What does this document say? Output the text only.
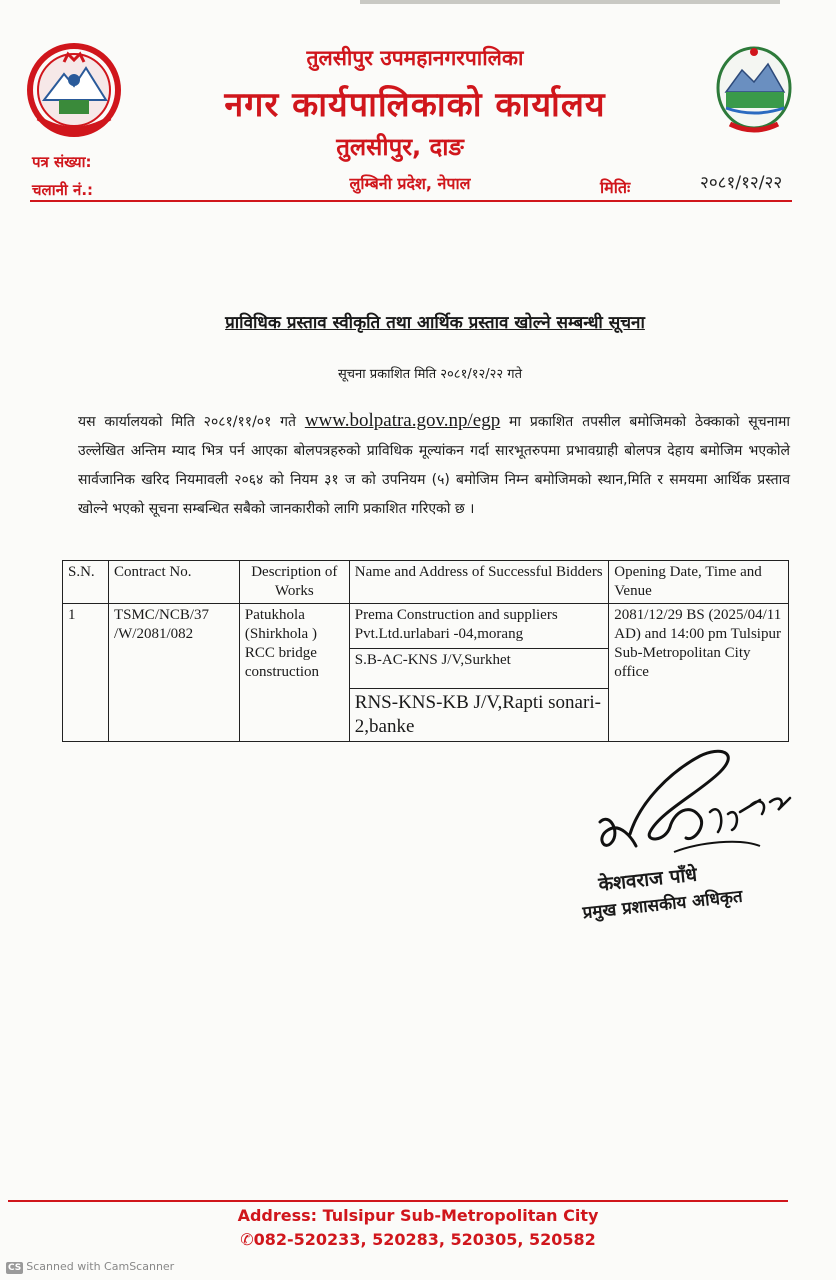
तुलसीपुर उपमहानगरपालिका
नगर कार्यपालिकाको कार्यालय
तुलसीपुर, दाङ
लुम्बिनी प्रदेश, नेपाल
पत्र संख्या:
चलानी नं.:	मितिः	२०८१/१२/२२
प्राविधिक प्रस्ताव स्वीकृति तथा आर्थिक प्रस्ताव खोल्ने सम्बन्धी सूचना
सूचना प्रकाशित मिति २०८१/१२/२२ गते
यस कार्यालयको मिति २०८१/११/०१ गते www.bolpatra.gov.np/egp मा प्रकाशित तपसील बमोजिमको ठेक्काको सूचनामा उल्लेखित अन्तिम म्याद भित्र पर्न आएका बोलपत्रहरुको प्राविधिक मूल्यांकन गर्दा सारभूतरुपमा प्रभावग्राही बोलपत्र देहाय बमोजिम भएकोले सार्वजानिक खरिद नियमावली २०६४ को नियम ३१ ज को उपनियम (५) बमोजिम निम्न बमोजिमको स्थान,मिति र समयमा आर्थिक प्रस्ताव खोल्ने भएको सूचना सम्बन्धित सबैको जानकारीको लागि प्रकाशित गरिएको छ ।
S.N.	Contract No.	Description of Works	Name and Address of Successful Bidders	Opening Date, Time and Venue
1	TSMC/NCB/37 /W/2081/082	Patukhola (Shirkhola ) RCC bridge construction	Prema Construction and suppliers Pvt.Ltd.urlabari -04,morang
S.B-AC-KNS J/V,Surkhet
RNS-KNS-KB J/V,Rapti sonari-2,banke	2081/12/29 BS (2025/04/11 AD) and 14:00 pm Tulsipur Sub-Metropolitan City office
केशवराज पाँधे
प्रमुख प्रशासकीय अधिकृत
Address: Tulsipur Sub-Metropolitan City
✆082-520233, 520283, 520305, 520582
CS Scanned with CamScanner
